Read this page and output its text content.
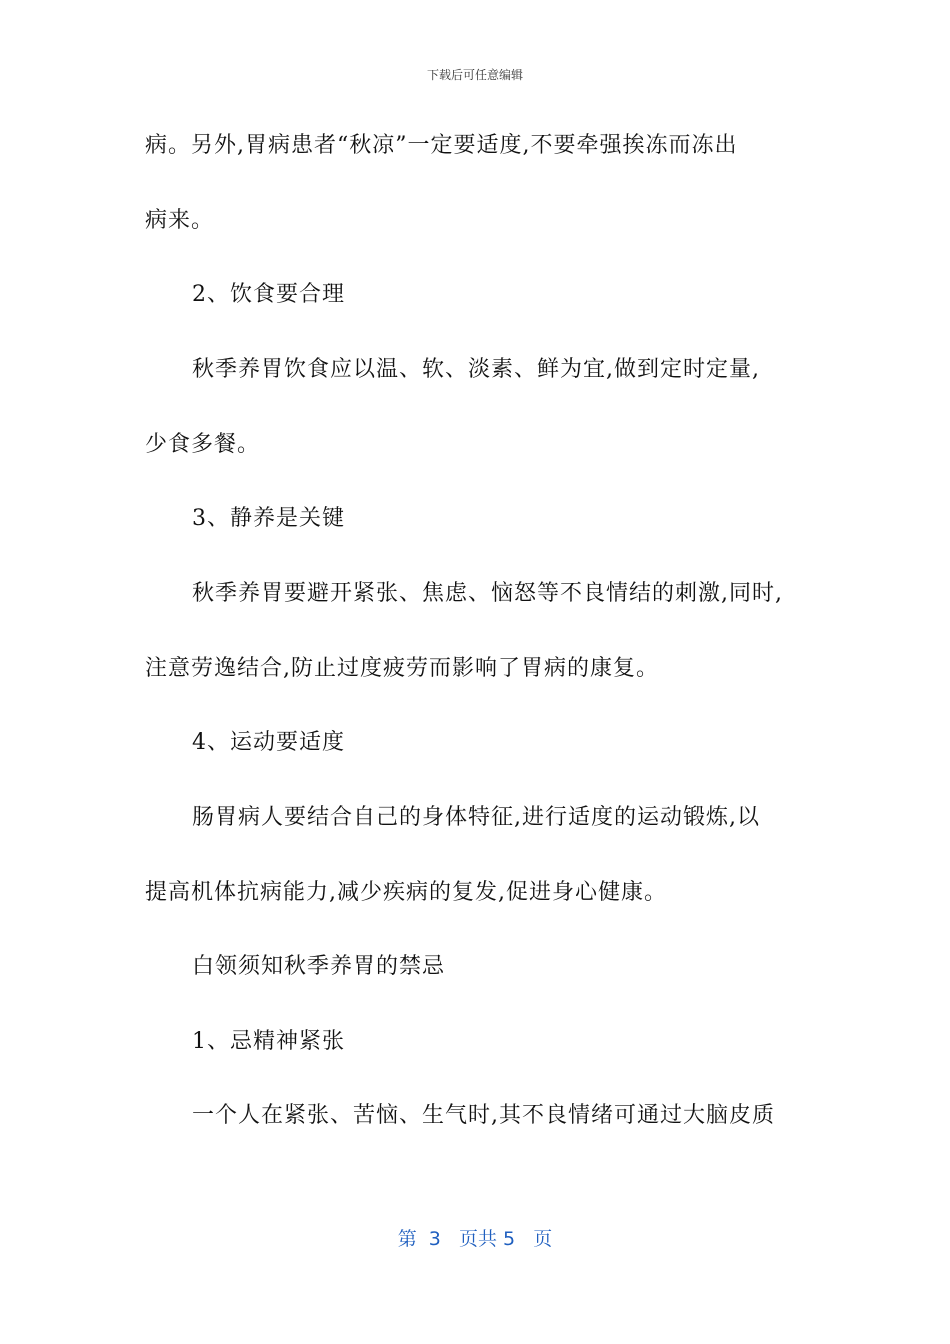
下载后可任意编辑
病。另外,胃病患者“秋凉”一定要适度,不要牵强挨冻而冻出
病来。
2、饮食要合理
秋季养胃饮食应以温、软、淡素、鲜为宜,做到定时定量,
少食多餐。
3、静养是关键
秋季养胃要避开紧张、焦虑、恼怒等不良情结的刺激,同时,
注意劳逸结合,防止过度疲劳而影响了胃病的康复。
4、运动要适度
肠胃病人要结合自己的身体特征,进行适度的运动锻炼,以
提高机体抗病能力,减少疾病的复发,促进身心健康。
白领须知秋季养胃的禁忌
1、忌精神紧张
一个人在紧张、苦恼、生气时,其不良情绪可通过大脑皮质
第  3   页共 5   页
